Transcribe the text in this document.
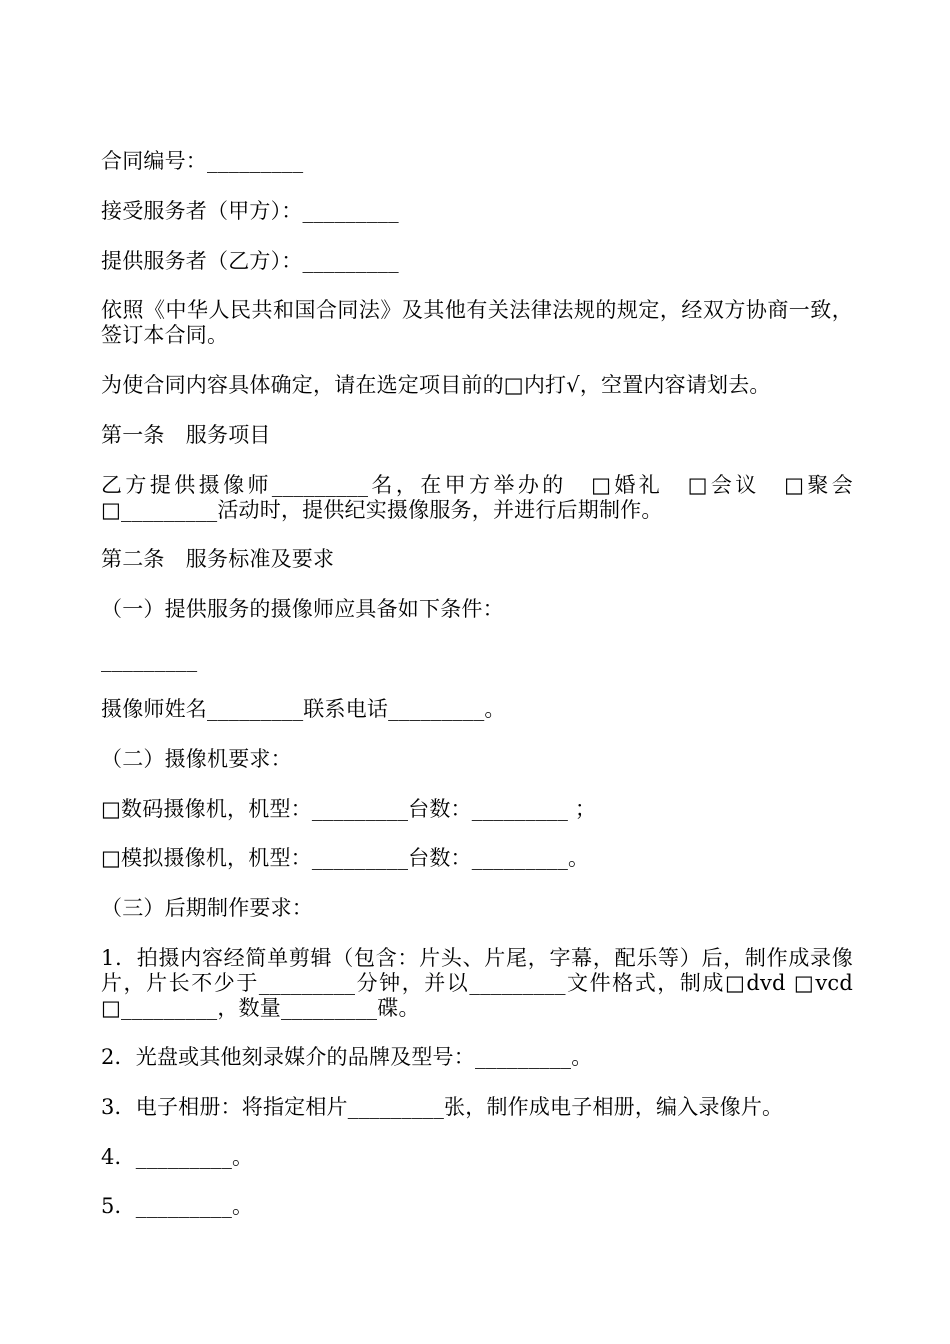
合同编号：_________
接受服务者（甲方）：_________
提供服务者（乙方）：_________
依照《中华人民共和国合同法》及其他有关法律法规的规定，经双方协商一致，签订本合同。
为使合同内容具体确定，请在选定项目前的□内打√，空置内容请划去。
第一条　服务项目
乙方提供摄像师_________名，在甲方举办的　□婚礼　□会议　□聚会□_________活动时，提供纪实摄像服务，并进行后期制作。
第二条　服务标准及要求
（一）提供服务的摄像师应具备如下条件：
_________
摄像师姓名_________联系电话_________。
（二）摄像机要求：
□数码摄像机，机型：_________台数：_________ ；
□模拟摄像机，机型：_________台数：_________。
（三）后期制作要求：
1．拍摄内容经简单剪辑（包含：片头、片尾，字幕，配乐等）后，制作成录像片，片长不少于_________分钟，并以_________文件格式，制成□dvd □vcd　□_________，数量_________碟。
2．光盘或其他刻录媒介的品牌及型号：_________。
3．电子相册：将指定相片_________张，制作成电子相册，编入录像片。
4．_________。
5．_________。
